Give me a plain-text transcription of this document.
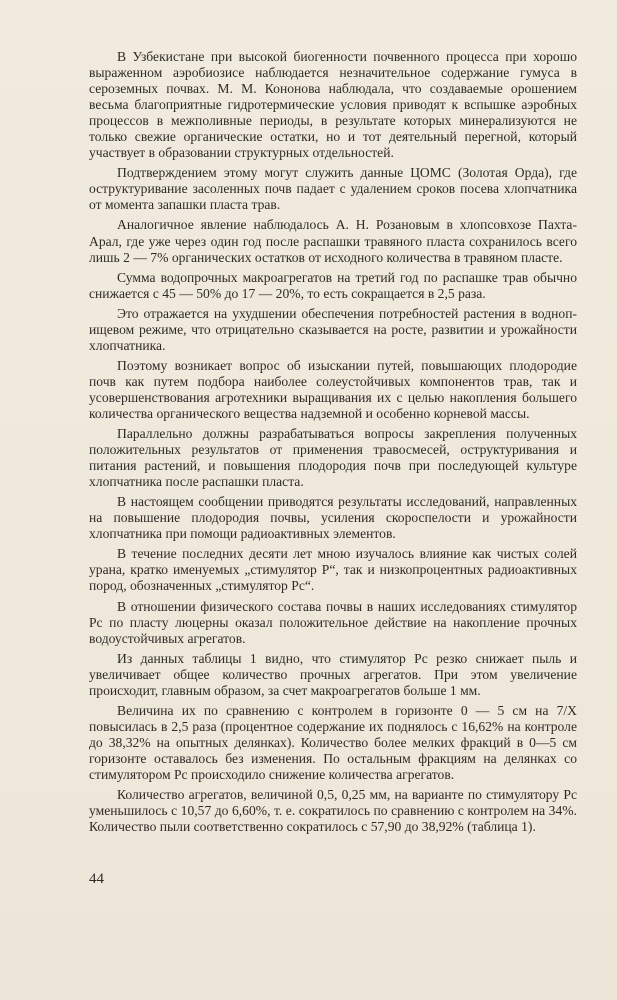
В Узбекистане при высокой биогенности почвенного процесса при хорошо выраженном аэробиозисе наблюдается незначительное содержание гумуса в сероземных почвах. М. М. Кононова наблюдала, что создаваемые орошением весьма благоприятные гидротермические условия приводят к вспышке аэробных процессов в межполивные периоды, в результате которых минерализуются не только свежие органические остатки, но и тот деятельный перегной, который участвует в образовании структурных отдельностей.

Подтверждением этому могут служить данные ЦОМС (Золотая Орда), где оструктуривание засоленных почв падает с удалением сроков посева хлопчатника от момента запашки пласта трав.

Аналогичное явление наблюдалось А. Н. Розановым в хлопсовхозе Пахта-Арал, где уже через один год после распашки травяного пласта сохранилось всего лишь 2 — 7% органических остатков от исходного количества в травяном пласте.

Сумма водопрочных макроагрегатов на третий год по распашке трав обычно снижается с 45 — 50% до 17 — 20%, то есть сокращается в 2,5 раза.

Это отражается на ухудшении обеспечения потребностей растения в воднопищевом режиме, что отрицательно сказывается на росте, развитии и урожайности хлопчатника.

Поэтому возникает вопрос об изыскании путей, повышающих плодородие почв как путем подбора наиболее солеустойчивых компонентов трав, так и усовершенствования агротехники выращивания их с целью накопления большего количества органического вещества надземной и особенно корневой массы.

Параллельно должны разрабатываться вопросы закрепления полученных положительных результатов от применения травосмесей, оструктуривания и питания растений, и повышения плодородия почв при последующей культуре хлопчатника после распашки пласта.

В настоящем сообщении приводятся результаты исследований, направленных на повышение плодородия почвы, усиления скороспелости и урожайности хлопчатника при помощи радиоактивных элементов.

В течение последних десяти лет мною изучалось влияние как чистых солей урана, кратко именуемых „стимулятор Р“, так и низкопроцентных радиоактивных пород, обозначенных „стимулятор Рc“.

В отношении физического состава почвы в наших исследованиях стимулятор Рc по пласту люцерны оказал положительное действие на накопление прочных водоустойчивых агрегатов.

Из данных таблицы 1 видно, что стимулятор Рc резко снижает пыль и увеличивает общее количество прочных агрегатов. При этом увеличение происходит, главным образом, за счет макроагрегатов больше 1 мм.

Величина их по сравнению с контролем в горизонте 0 — 5 см на 7/X повысилась в 2,5 раза (процентное содержание их поднялось с 16,62% на контроле до 38,32% на опытных делянках). Количество более мелких фракций в 0—5 см горизонте оставалось без изменения. По остальным фракциям на делянках со стимулятором Рc происходило снижение количества агрегатов.

Количество агрегатов, величиной 0,5, 0,25 мм, на варианте по стимулятору Рc уменьшилось с 10,57 до 6,60%, т. е. сократилось по сравнению с контролем на 34%. Количество пыли соответственно сократилось с 57,90 до 38,92% (таблица 1).

44
